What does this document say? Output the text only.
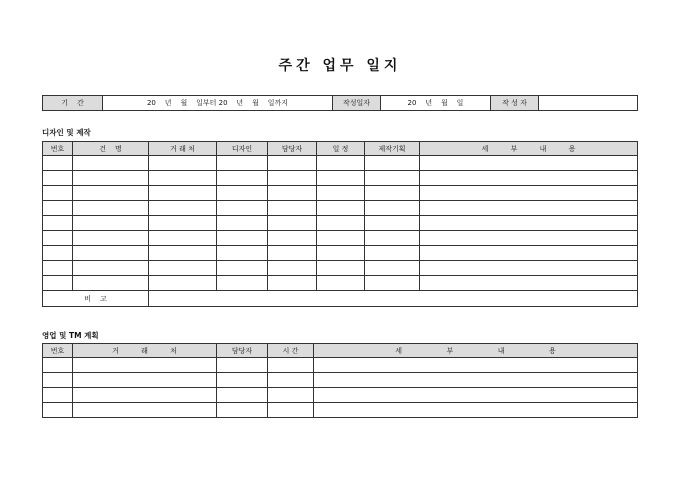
주간 업무 일지
기    간	20    년    월    일부터 20    년    월    일까지	작성일자	20    년    월    일	작 성 자	
디자인 및 제작
번호	건    명	거 래 처	디자인	담당자	일 정	제작기획	세          부          내          용

비    고							
영업 및 TM 계획
번호	거          래          처	담당자	시 간	세                    부                    내                    용
